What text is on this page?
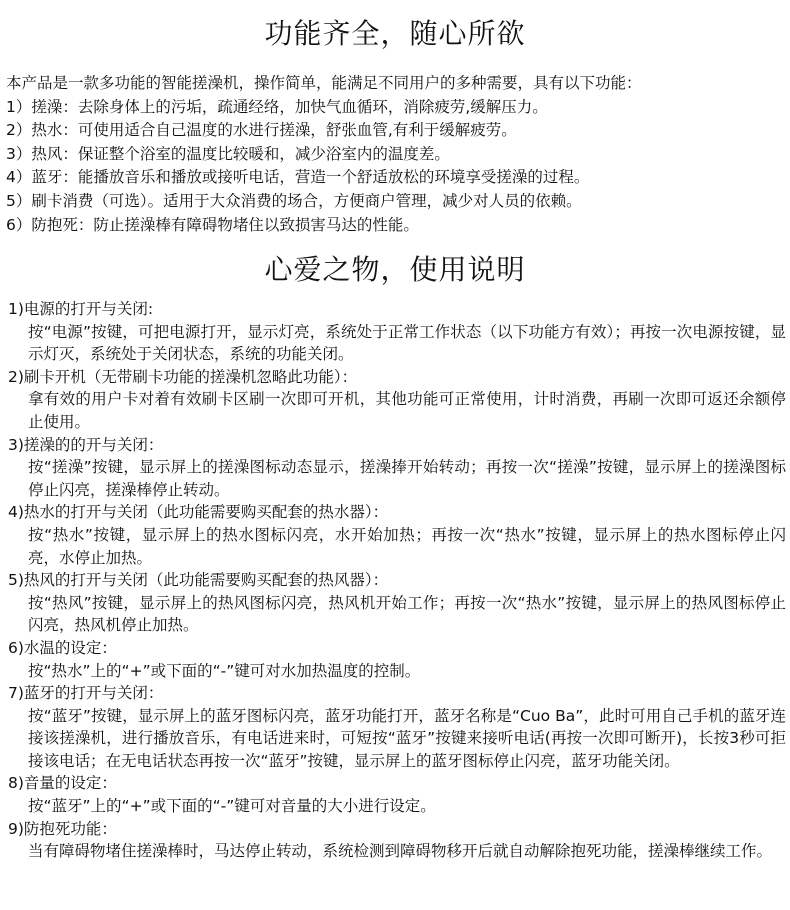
功能齐全，随心所欲
本产品是一款多功能的智能搓澡机，操作简单，能满足不同用户的多种需要，具有以下功能：
1）搓澡：去除身体上的污垢，疏通经络，加快气血循环，消除疲劳,缓解压力。
2）热水：可使用适合自己温度的水进行搓澡，舒张血管,有利于缓解疲劳。
3）热风：保证整个浴室的温度比较暖和，减少浴室内的温度差。
4）蓝牙：能播放音乐和播放或接听电话，营造一个舒适放松的环境享受搓澡的过程。
5）刷卡消费（可选）。适用于大众消费的场合，方便商户管理，减少对人员的依赖。
6）防抱死：防止搓澡棒有障碍物堵住以致损害马达的性能。
心爱之物，使用说明
1)电源的打开与关闭:
按“电源”按键，可把电源打开，显示灯亮，系统处于正常工作状态（以下功能方有效）；再按一次电源按键，显示灯灭，系统处于关闭状态，系统的功能关闭。
2)刷卡开机（无带刷卡功能的搓澡机忽略此功能）：
拿有效的用户卡对着有效刷卡区刷一次即可开机，其他功能可正常使用，计时消费，再刷一次即可返还余额停止使用。
3)搓澡的的开与关闭：
按“搓澡”按键，显示屏上的搓澡图标动态显示，搓澡捧开始转动；再按一次“搓澡”按键，显示屏上的搓澡图标停止闪亮，搓澡棒停止转动。
4)热水的打开与关闭（此功能需要购买配套的热水器）：
按“热水”按键，显示屏上的热水图标闪亮，水开始加热；再按一次“热水”按键，显示屏上的热水图标停止闪亮，水停止加热。
5)热风的打开与关闭（此功能需要购买配套的热风器）：
按“热风”按键，显示屏上的热风图标闪亮，热风机开始工作；再按一次“热水”按键，显示屏上的热风图标停止闪亮，热风机停止加热。
6)水温的设定：
按“热水”上的“+”或下面的“-”键可对水加热温度的控制。
7)蓝牙的打开与关闭：
按“蓝牙”按键，显示屏上的蓝牙图标闪亮，蓝牙功能打开，蓝牙名称是“Cuo Ba”，此时可用自己手机的蓝牙连接该搓澡机，进行播放音乐，有电话进来时，可短按“蓝牙”按键来接听电话(再按一次即可断开)，长按3秒可拒接该电话；在无电话状态再按一次“蓝牙”按键，显示屏上的蓝牙图标停止闪亮，蓝牙功能关闭。
8)音量的设定：
按“蓝牙”上的“+”或下面的“-”键可对音量的大小进行设定。
9)防抱死功能：
当有障碍物堵住搓澡棒时，马达停止转动，系统检测到障碍物移开后就自动解除抱死功能，搓澡棒继续工作。
